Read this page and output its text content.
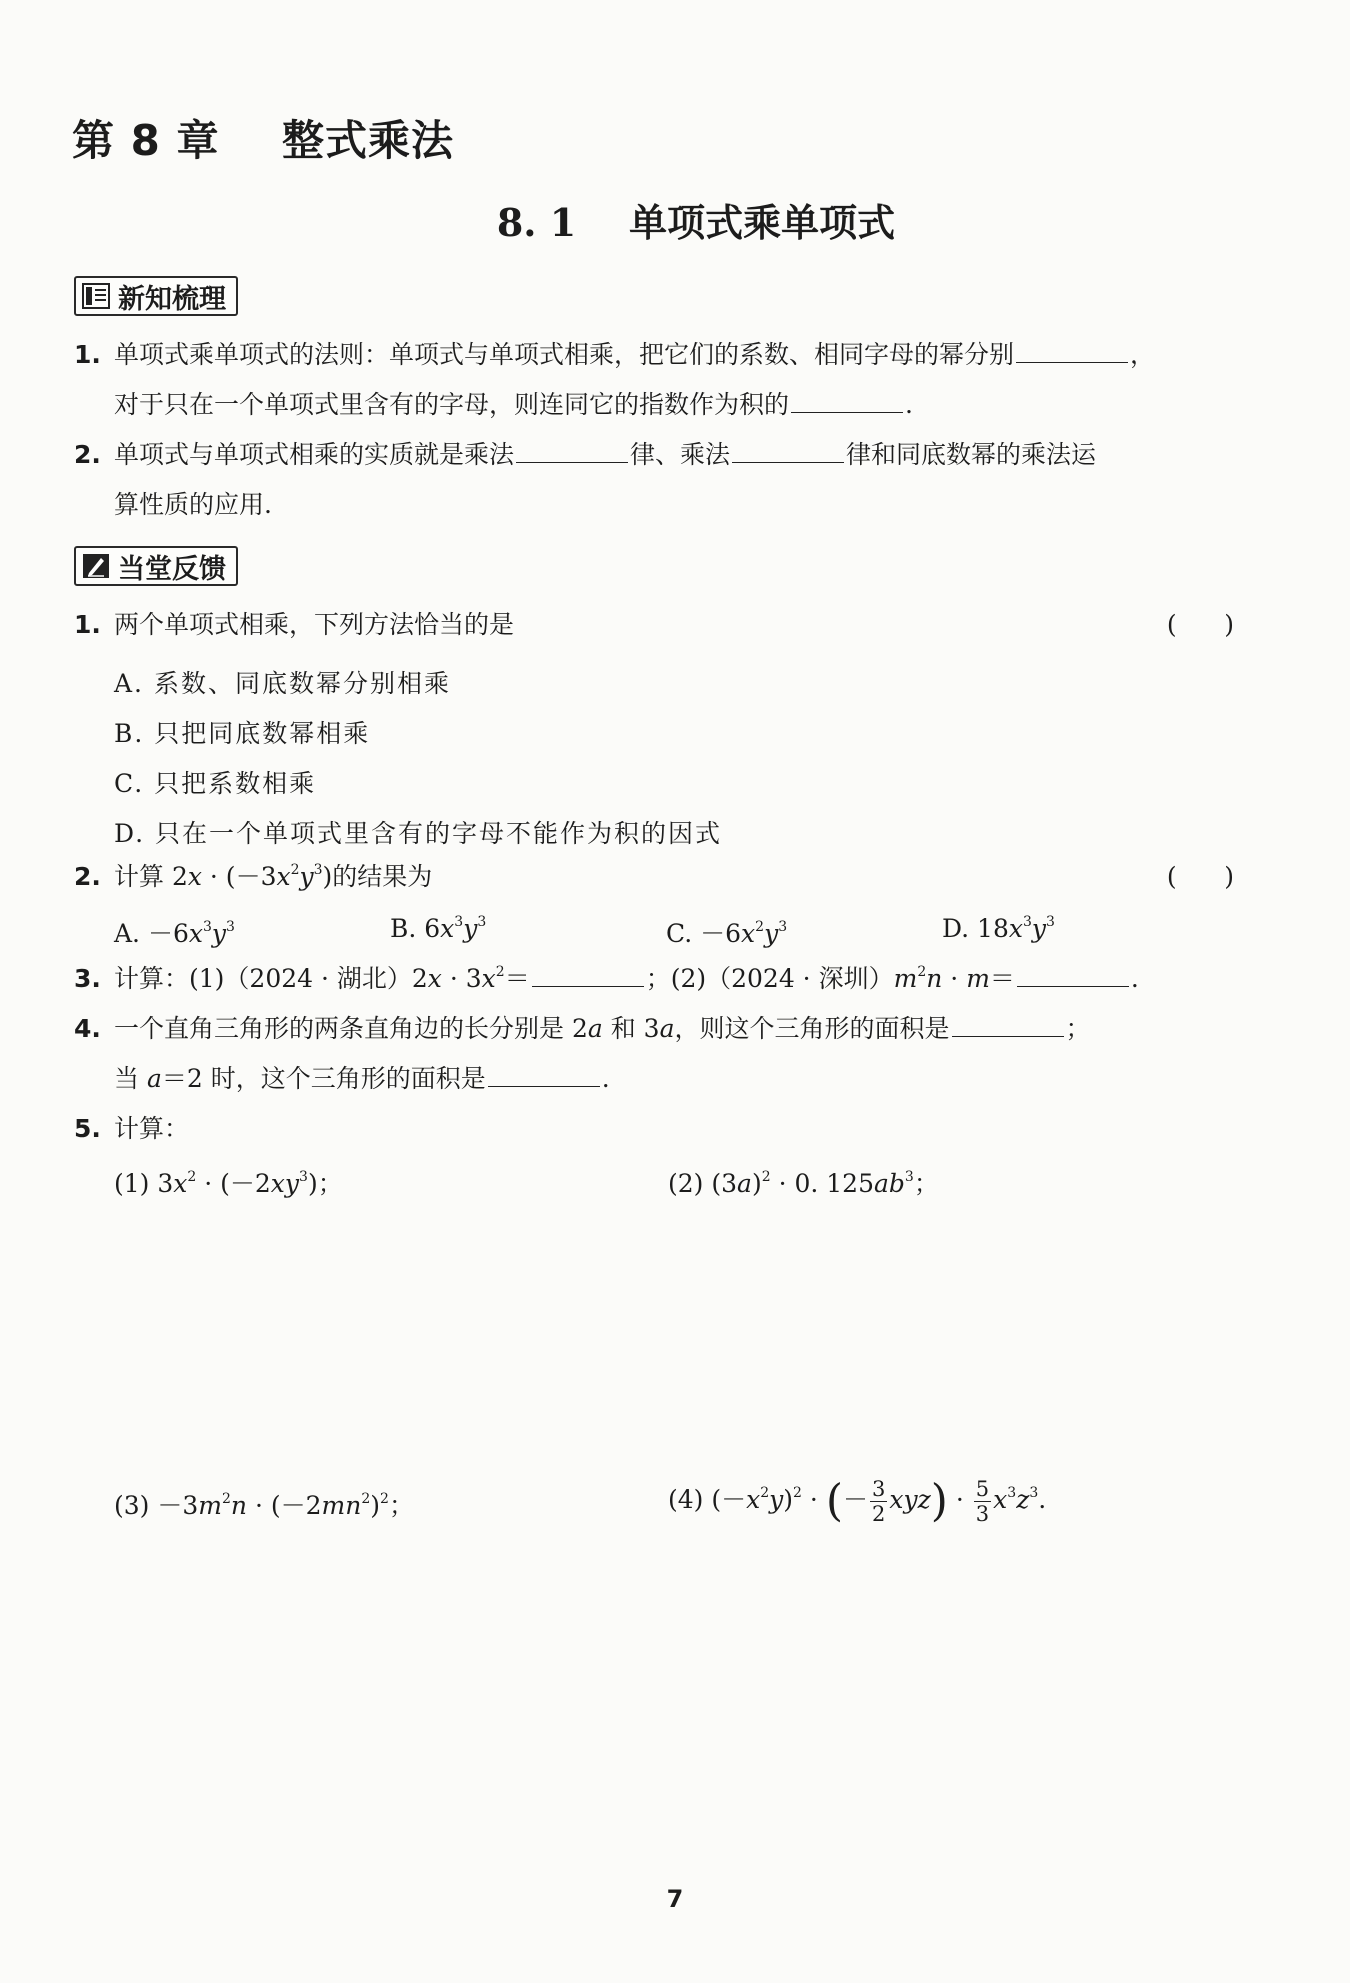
第 8 章    整式乘法
8. 1    单项式乘单项式
新知梳理
1. 单项式乘单项式的法则：单项式与单项式相乘，把它们的系数、相同字母的幂分别	，
对于只在一个单项式里含有的字母，则连同它的指数作为积的	.
2. 单项式与单项式相乘的实质就是乘法	律、乘法	律和同底数幂的乘法运
算性质的应用.
当堂反馈
1. 两个单项式相乘，下列方法恰当的是	(      )
A. 系数、同底数幂分别相乘
B. 只把同底数幂相乘
C. 只把系数相乘
D. 只在一个单项式里含有的字母不能作为积的因式
2. 计算 $2x \cdot (-3x^2y^3)$的结果为	(      )
A. $-6x^3y^3$	B. $6x^3y^3$	C. $-6x^2y^3$	D. $18x^3y^3$
3. 计算：(1)（2024 · 湖北）$2x \cdot 3x^2=$	；(2)（2024 · 深圳）$m^2n \cdot m=$	.
4. 一个直角三角形的两条直角边的长分别是 2a 和 3a，则这个三角形的面积是	；
当 a＝2 时，这个三角形的面积是	.
5. 计算：
(1) $3x^2 \cdot (-2xy^3)$；	(2) $(3a)^2 \cdot 0$. $125ab^3$；
$(3) -3m^2n \cdot (-2mn^2)^2$；	(4) $(-x^2y)^2$ · (－ $\frac{3}{2} xyz) \cdot \frac{5}{3} x^3z^3$.
7
